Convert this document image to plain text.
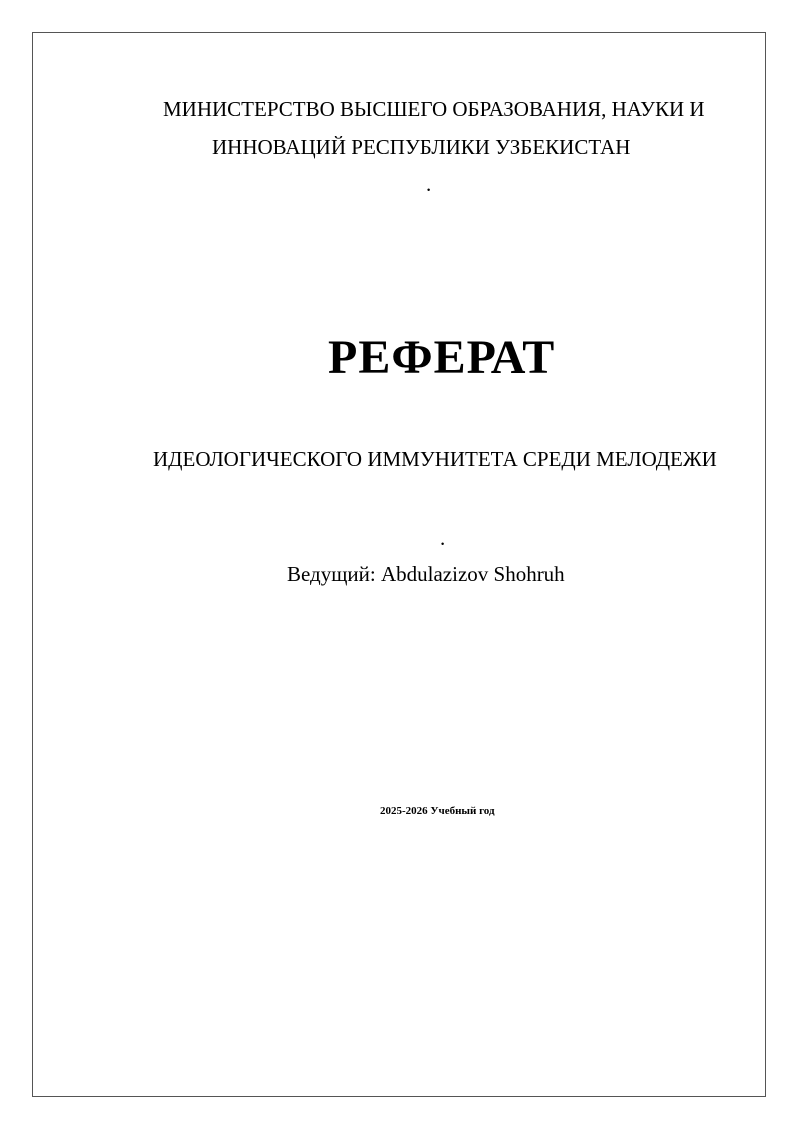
МИНИСТЕРСТВО ВЫСШЕГО ОБРАЗОВАНИЯ, НАУКИ И
ИННОВАЦИЙ РЕСПУБЛИКИ УЗБЕКИСТАН
.
РЕФЕРАТ
ИДЕОЛОГИЧЕСКОГО ИММУНИТЕТА СРЕДИ МЕЛОДЕЖИ
.
Ведущий: Abdulazizov Shohruh
2025-2026 Учебный год
